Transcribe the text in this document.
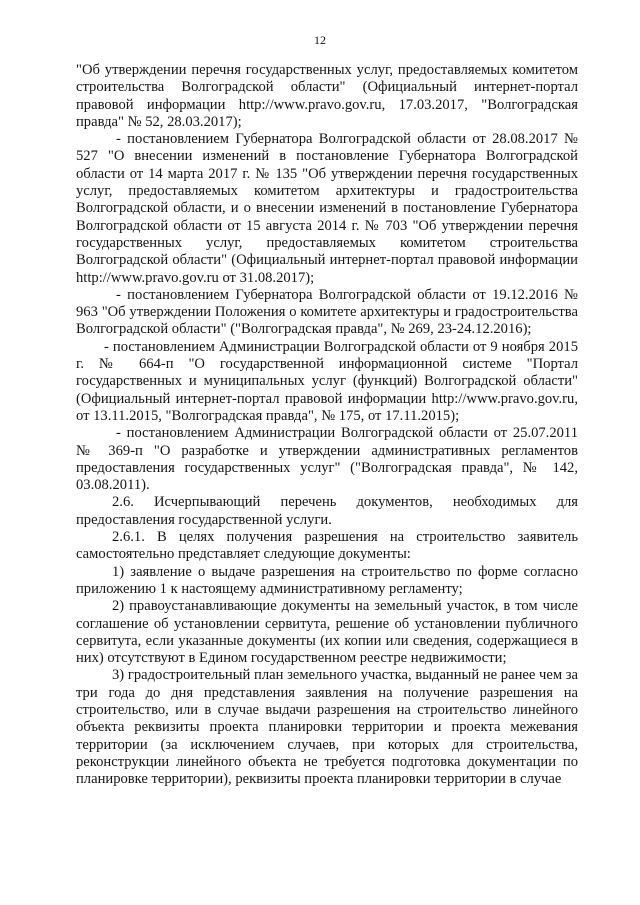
12

"Об утверждении перечня государственных услуг, предоставляемых комитетом строительства Волгоградской области" (Официальный интернет-портал правовой информации http://www.pravo.gov.ru, 17.03.2017, "Волгоградская правда" № 52, 28.03.2017);

- постановлением Губернатора Волгоградской области от 28.08.2017 № 527 "О внесении изменений в постановление Губернатора Волгоградской области от 14 марта 2017 г. № 135 "Об утверждении перечня государственных услуг, предоставляемых комитетом архитектуры и градостроительства Волгоградской области, и о внесении изменений в постановление Губернатора Волгоградской области от 15 августа 2014 г. № 703 "Об утверждении перечня государственных услуг, предоставляемых комитетом строительства Волгоградской области" (Официальный интернет-портал правовой информации http://www.pravo.gov.ru от 31.08.2017);

- постановлением Губернатора Волгоградской области от 19.12.2016 № 963 "Об утверждении Положения о комитете архитектуры и градостроительства Волгоградской области" ("Волгоградская правда", № 269, 23-24.12.2016);

- постановлением Администрации Волгоградской области от 9 ноября 2015 г. № 664-п "О государственной информационной системе "Портал государственных и муниципальных услуг (функций) Волгоградской области" (Официальный интернет-портал правовой информации http://www.pravo.gov.ru, от 13.11.2015, "Волгоградская правда", № 175, от 17.11.2015);

- постановлением Администрации Волгоградской области от 25.07.2011 № 369-п "О разработке и утверждении административных регламентов предоставления государственных услуг" ("Волгоградская правда", № 142, 03.08.2011).

2.6. Исчерпывающий перечень документов, необходимых для предоставления государственной услуги.

2.6.1. В целях получения разрешения на строительство заявитель самостоятельно представляет следующие документы:

1) заявление о выдаче разрешения на строительство по форме согласно приложению 1 к настоящему административному регламенту;

2) правоустанавливающие документы на земельный участок, в том числе соглашение об установлении сервитута, решение об установлении публичного сервитута, если указанные документы (их копии или сведения, содержащиеся в них) отсутствуют в Едином государственном реестре недвижимости;

3) градостроительный план земельного участка, выданный не ранее чем за три года до дня представления заявления на получение разрешения на строительство, или в случае выдачи разрешения на строительство линейного объекта реквизиты проекта планировки территории и проекта межевания территории (за исключением случаев, при которых для строительства, реконструкции линейного объекта не требуется подготовка документации по планировке территории), реквизиты проекта планировки территории в случае
